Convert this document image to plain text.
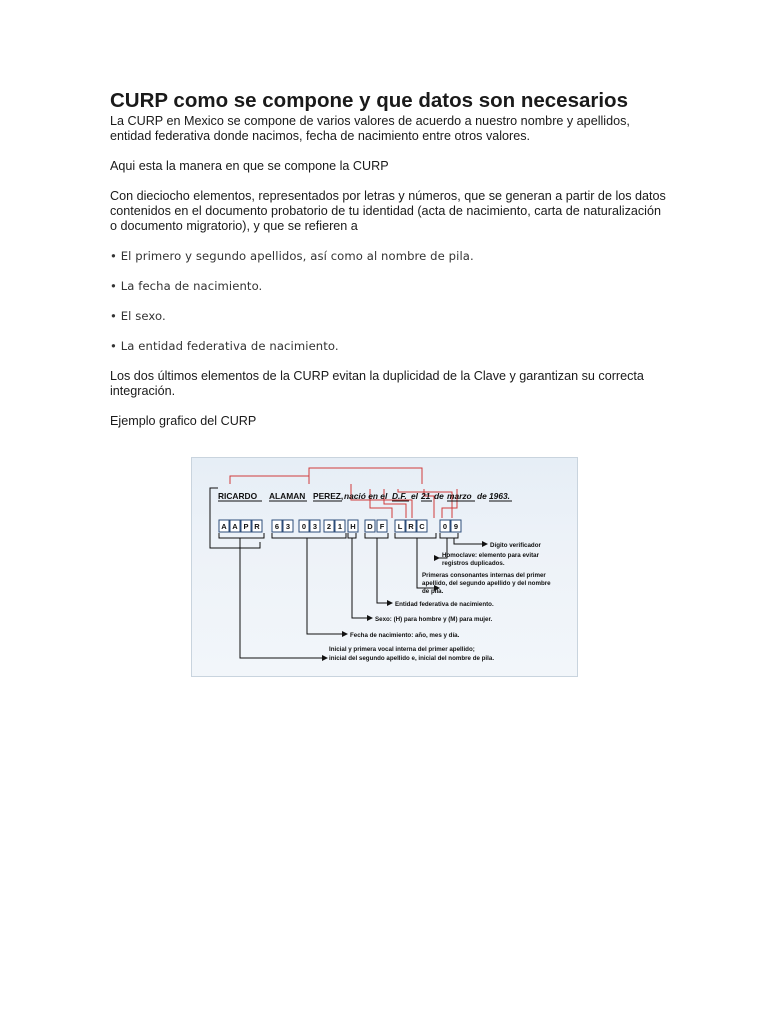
CURP como se compone y que datos son necesarios

La CURP en Mexico se compone de varios valores de acuerdo a nuestro nombre y apellidos, entidad federativa donde nacimos, fecha de nacimiento entre otros valores.

Aqui esta la manera en que se compone la CURP

Con dieciocho elementos, representados por letras y números, que se generan a partir de los datos contenidos en el documento probatorio de tu identidad (acta de nacimiento, carta de naturalización o documento migratorio), y que se refieren a

• El primero y segundo apellidos, así como al nombre de pila.

• La fecha de nacimiento.

• El sexo.

• La entidad federativa de nacimiento.

Los dos últimos elementos de la CURP evitan la duplicidad de la Clave y garantizan su correcta integración.

Ejemplo grafico del CURP

RICARDO ALAMAN PEREZ, nació en el D.F. el 21 de marzo de 1963.
A A P R 6 3 0 3 2 1 H D F L R C 0 9
Dígito verificador
Homoclave: elemento para evitar
registros duplicados.
Primeras consonantes internas del primer
apellido, del segundo apellido y del nombre
de pila.
Entidad federativa de nacimiento.
Sexo: (H) para hombre y (M) para mujer.
Fecha de nacimiento: año, mes y día.
Inicial y primera vocal interna del primer apellido;
inicial del segundo apellido e, inicial del nombre de pila.
